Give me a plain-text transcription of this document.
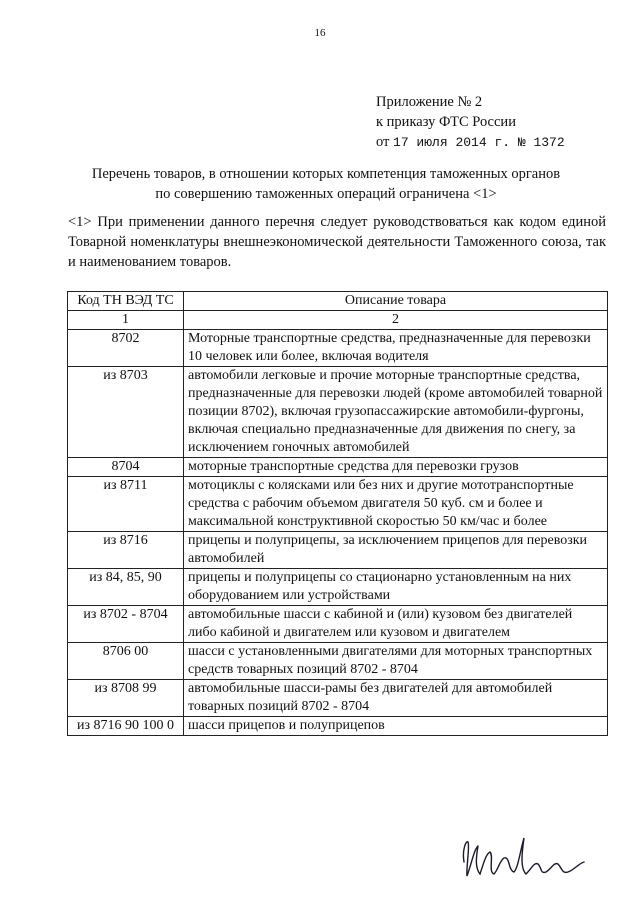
16
Приложение № 2
к приказу ФТС России
от 17 июля 2014 г. № 1372
Перечень товаров, в отношении которых компетенция таможенных органов
по совершению таможенных операций ограничена <1>

<1> При применении данного перечня следует руководствоваться как кодом единой Товарной номенклатуры внешнеэкономической деятельности Таможенного союза, так и наименованием товаров.

Код ТН ВЭД ТС	Описание товара
1	2
8702	Моторные транспортные средства, предназначенные для перевозки 10 человек или более, включая водителя
из 8703	автомобили легковые и прочие моторные транспортные средства, предназначенные для перевозки людей (кроме автомобилей товарной позиции 8702), включая грузопассажирские автомобили-фургоны, включая специально предназначенные для движения по снегу, за исключением гоночных автомобилей
8704	моторные транспортные средства для перевозки грузов
из 8711	мотоциклы с колясками или без них и другие мототранспортные средства с рабочим объемом двигателя 50 куб. см и более и максимальной конструктивной скоростью 50 км/час и более
из 8716	прицепы и полуприцепы, за исключением прицепов для перевозки автомобилей
из 84, 85, 90	прицепы и полуприцепы со стационарно установленным на них оборудованием или устройствами
из 8702 - 8704	автомобильные шасси с кабиной и (или) кузовом без двигателей либо кабиной и двигателем или кузовом и двигателем
8706 00	шасси с установленными двигателями для моторных транспортных средств товарных позиций 8702 - 8704
из 8708 99	автомобильные шасси-рамы без двигателей для автомобилей товарных позиций 8702 - 8704
из 8716 90 100 0	шасси прицепов и полуприцепов
